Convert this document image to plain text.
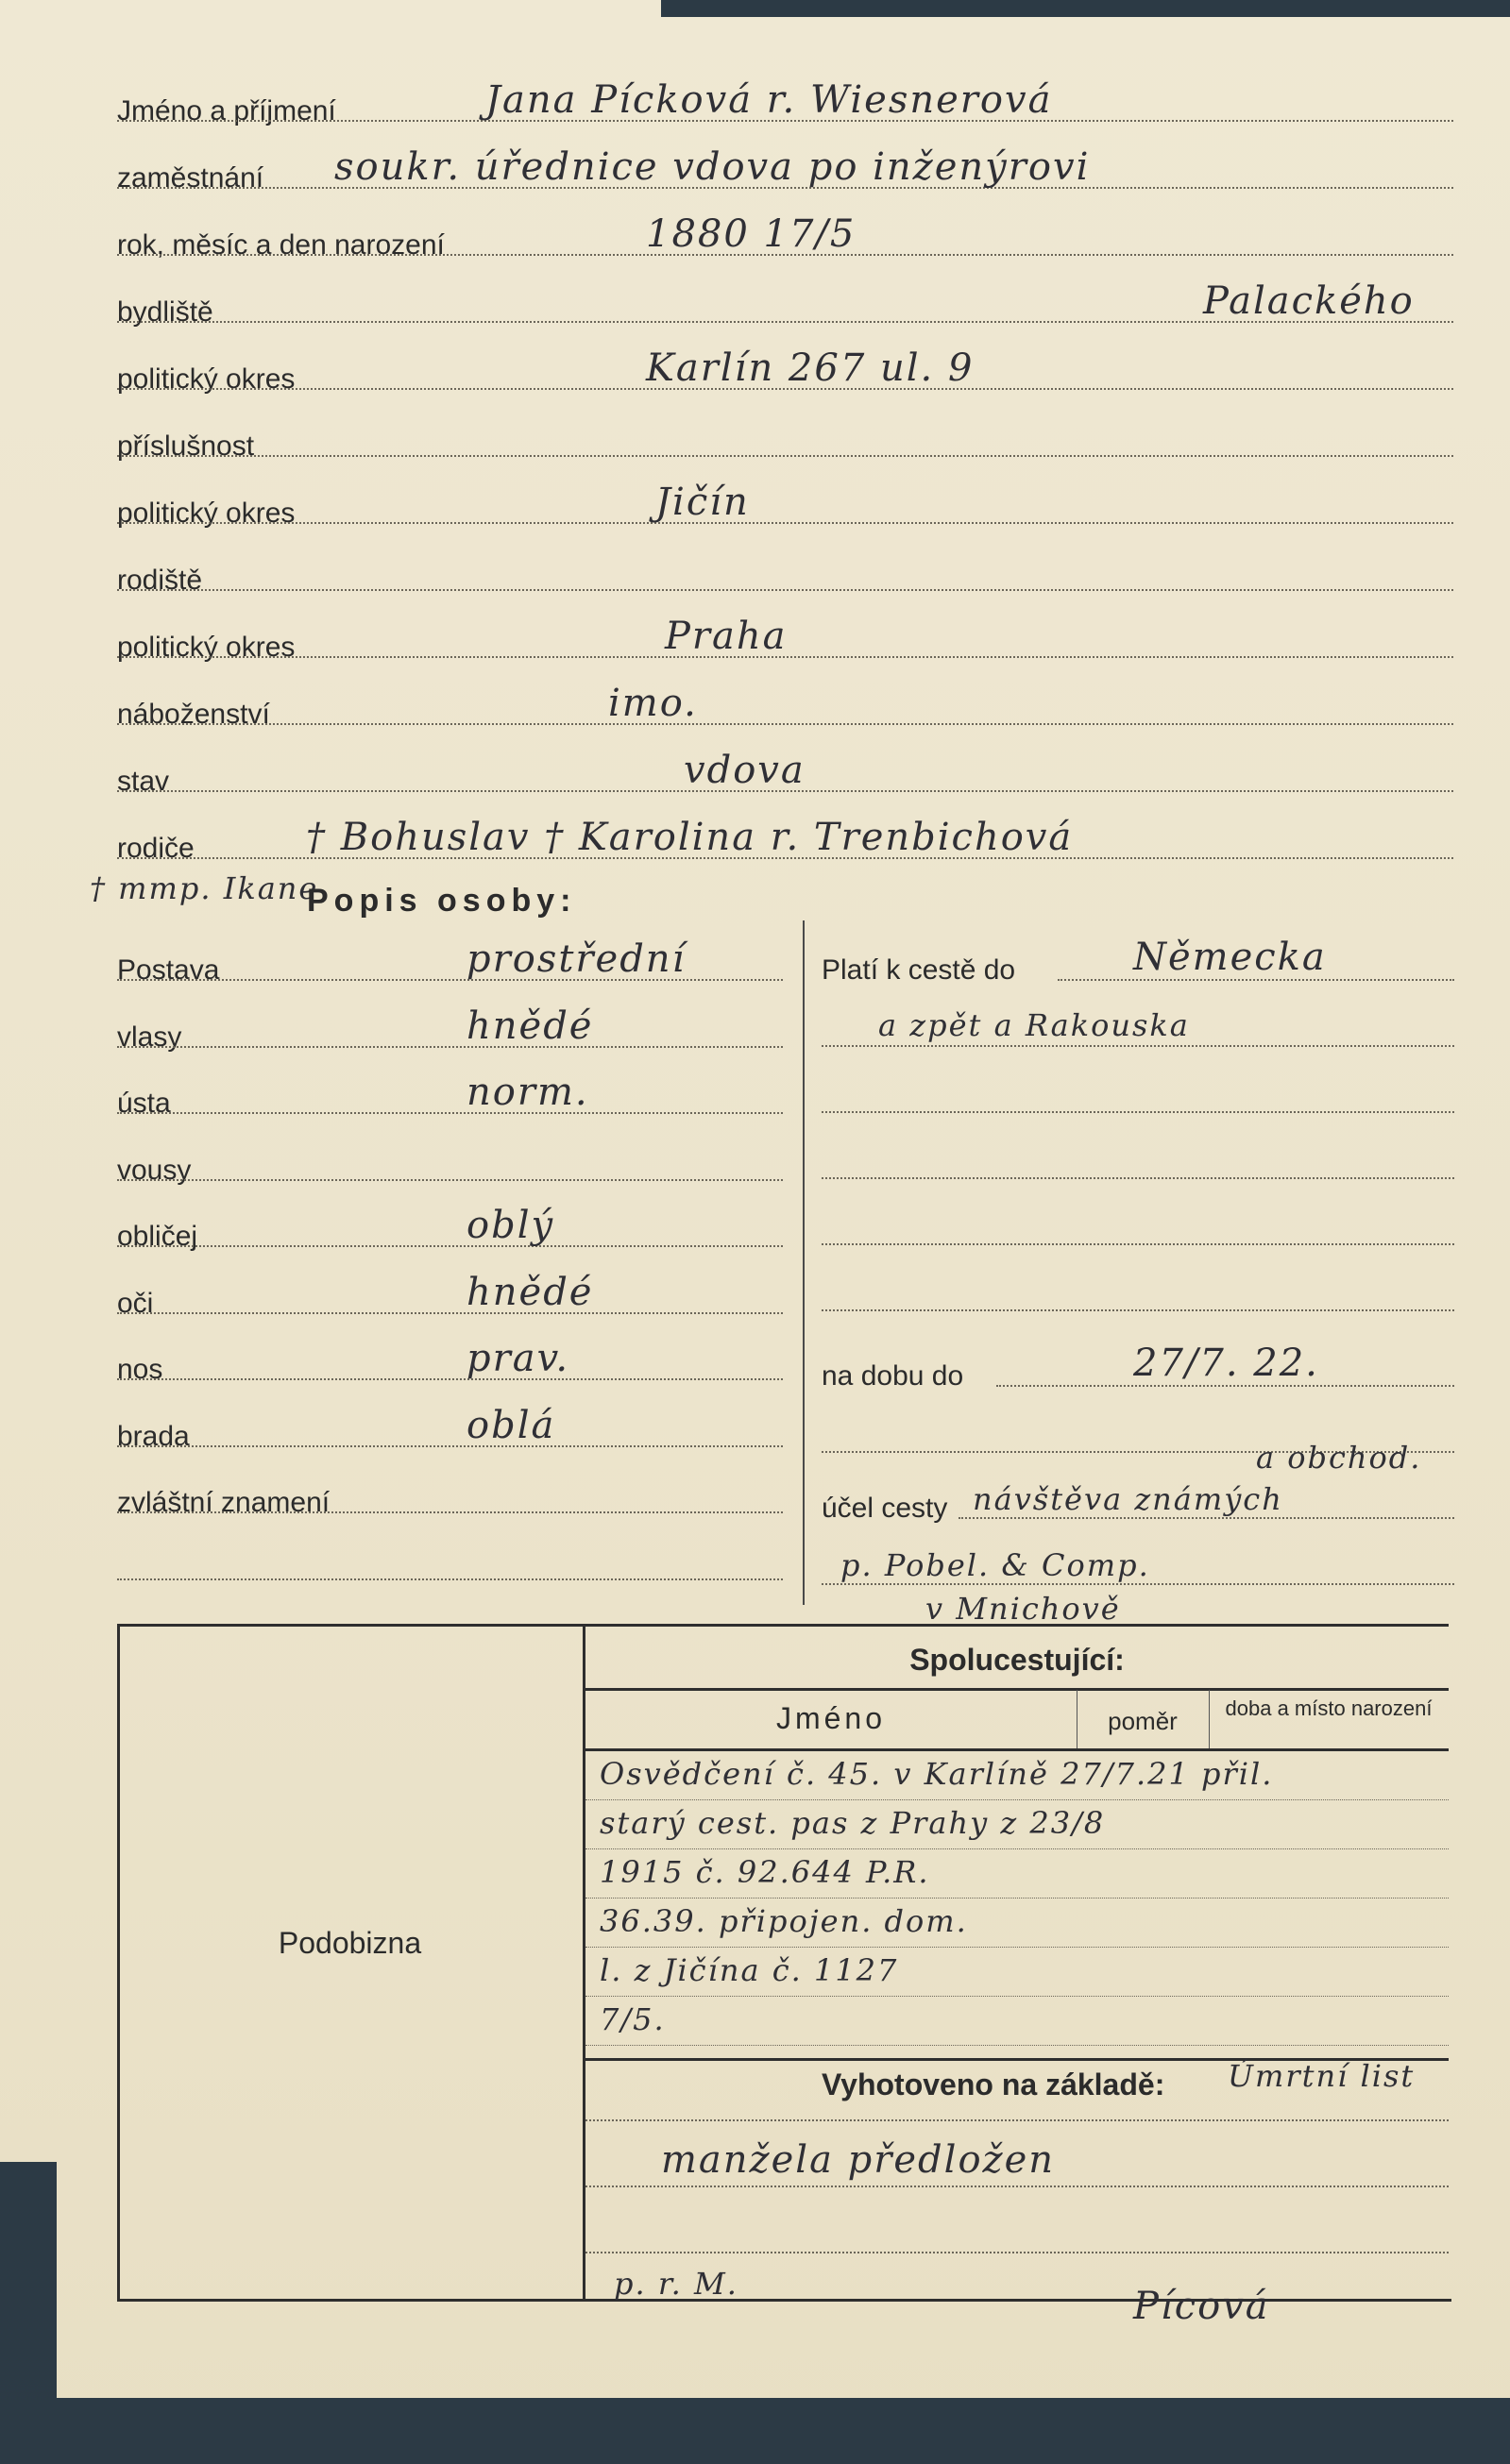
Jméno a příjmení	Jana Pícková r. Wiesnerová
zaměstnání soukr. úřednice vdova po inženýrovi
rok, měsíc a den narození	1880 17/5
bydliště	Palackého
politický okres	Karlín 267 ul. 9
příslušnost
politický okres	Jičín
rodiště
politický okres	Praha
náboženství	imo.
stav	vdova
rodiče	† Bohuslav † Karolina r. Trenbichová
† mmp. Ikane
Popis osoby:
Postava	prostřední
vlasy	hnědé
ústa	norm.
vousy
obličej	oblý
oči	hnědé
nos	prav.
brada	oblá
zvláštní znamení
Platí k cestě do	Německa
a zpět a Rakouska
na dobu do	27/7. 22.
a obchod.
účel cesty návštěva známých
p. Pobel. & Comp.
v Mnichově
Podobizna
Spolucestující:
Jméno	poměr	doba a místo narození
Osvědčení č. 45. v Karlíně 27/7.21 přil.
starý cest. pas z Prahy z 23/8
1915 č. 92.644 P.R.
36.39. připojen. dom.
l. z Jičína č. 1127
7/5.
Vyhotoveno na základě: Úmrtní list
manžela předložen
p. r. M.
Pícová
